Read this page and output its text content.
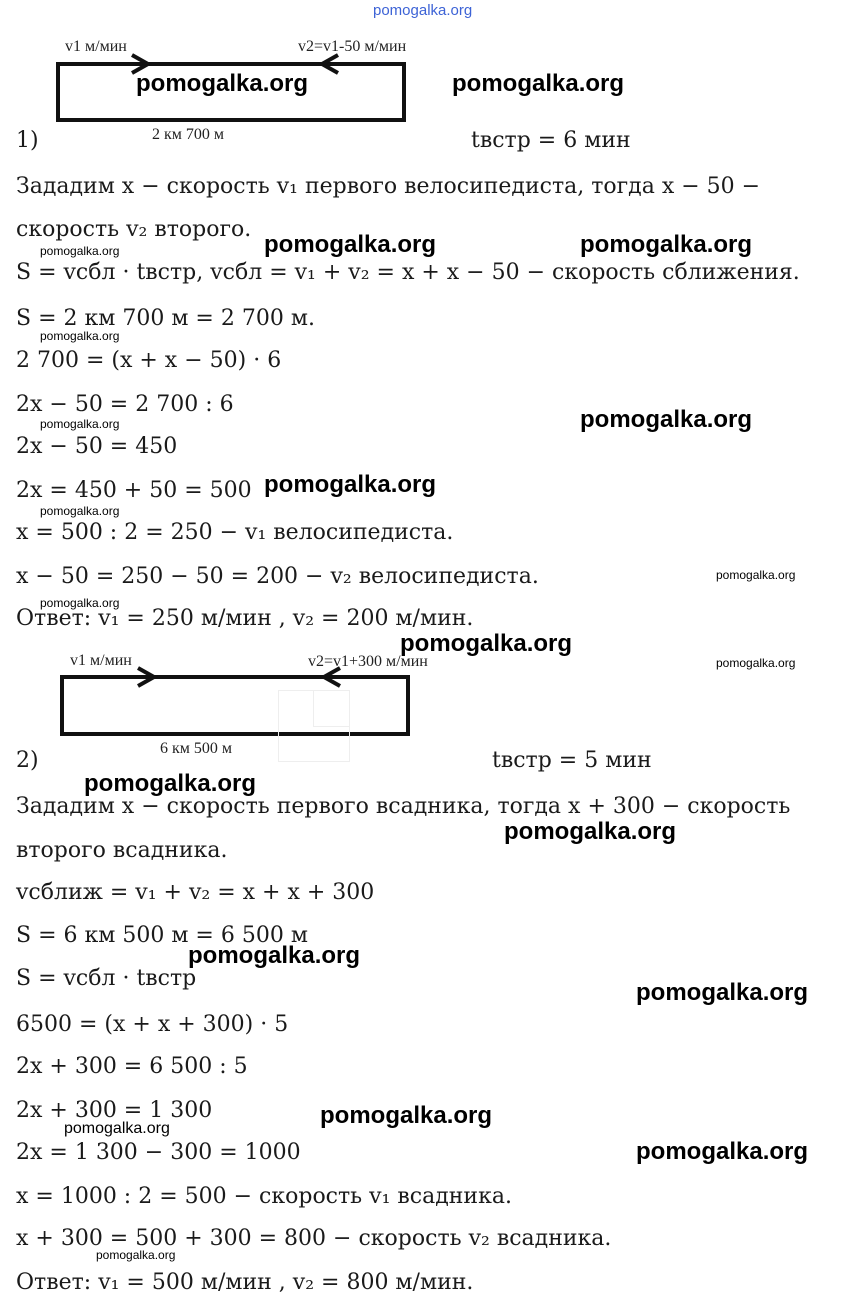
pomogalka.org
v1 м/мин	v2=v1-50 м/мин
2 км 700 м
v1 м/мин	v2=v1+300 м/мин
6 км 500 м
1)	tвстр = 6 мин
Зададим x − скорость v₁ первого велосипедиста, тогда x − 50 −
скорость v₂ второго.
S = vсбл · tвстр, vсбл = v₁ + v₂ = x + x − 50 − скорость сближения.
S = 2 км 700 м = 2 700 м.
2 700 = (x + x − 50) · 6
2x − 50 = 2 700 : 6
2x − 50 = 450
2x = 450 + 50 = 500
x = 500 : 2 = 250 − v₁ велосипедиста.
x − 50 = 250 − 50 = 200 − v₂ велосипедиста.
Ответ: v₁ = 250 м/мин , v₂ = 200 м/мин.
2)	tвстр = 5 мин
Зададим x − скорость первого всадника, тогда x + 300 − скорость
второго всадника.
vсближ = v₁ + v₂ = x + x + 300
S = 6 км 500 м = 6 500 м
S = vсбл · tвстр
6500 = (x + x + 300) · 5
2x + 300 = 6 500 : 5
2x + 300 = 1 300
2x = 1 300 − 300 = 1000
x = 1000 : 2 = 500 − скорость v₁ всадника.
x + 300 = 500 + 300 = 800 − скорость v₂ всадника.
Ответ: v₁ = 500 м/мин , v₂ = 800 м/мин.
pomogalka.org	pomogalka.org
pomogalka.org	pomogalka.org
pomogalka.org
pomogalka.org
pomogalka.org
pomogalka.org
pomogalka.org
pomogalka.org
pomogalka.org
pomogalka.org
pomogalka.org
pomogalka.org
pomogalka.org
pomogalka.org
pomogalka.org
pomogalka.org
pomogalka.org
pomogalka.org
pomogalka.org
pomogalka.org
